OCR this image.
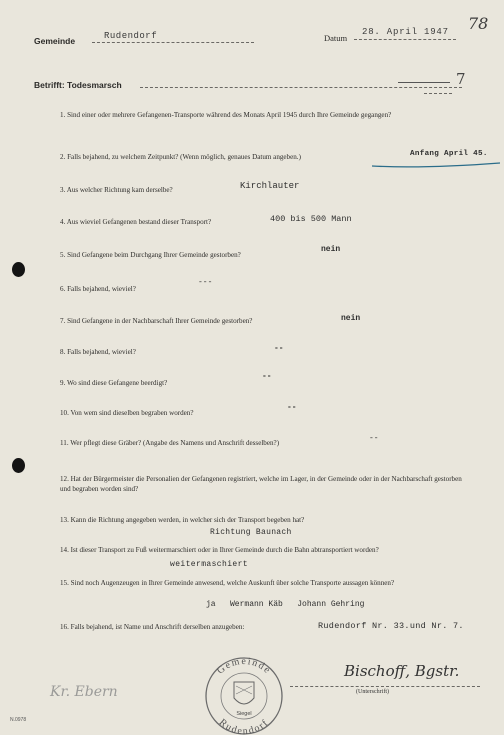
Gemeinde	Rudendorf	Datum
28. April 1947 78
Betrifft: Todesmarsch	7
1. Sind einer oder mehrere Gefangenen-Transporte während des Monats April 1945 durch Ihre Gemeinde gegangen?
2. Falls bejahend, zu welchem Zeitpunkt? (Wenn möglich, genaues Datum angeben.)	Anfang April 45.
3. Aus welcher Richtung kam derselbe?	Kirchlauter
4. Aus wieviel Gefangenen bestand dieser Transport?	400 bis 500 Mann
5. Sind Gefangene beim Durchgang Ihrer Gemeinde gestorben?
nein
6. Falls bejahend, wieviel?
---
7. Sind Gefangene in der Nachbarschaft Ihrer Gemeinde gestorben?	nein
8. Falls bejahend, wieviel?	--
9. Wo sind diese Gefangene beerdigt?
--
10. Von wem sind dieselben begraben worden?
--
11. Wer pflegt diese Gräber? (Angabe des Namens und Anschrift desselben?)	--
12. Hat der Bürgermeister die Personalien der Gefangenen registriert, welche im Lager, in der Gemeinde oder in der Nachbarschaft gestorben und begraben worden sind?
13. Kann die Richtung angegeben werden, in welcher sich der Transport begeben hat?
Richtung Baunach
14. Ist dieser Transport zu Fuß weitermarschiert oder in Ihrer Gemeinde durch die Bahn abtransportiert worden?
weitermaschiert
15. Sind noch Augenzeugen in Ihrer Gemeinde anwesend, welche Auskunft über solche Transporte aussagen können?
ja   Wermann Käb   Johann Gehring
16. Falls bejahend, ist Name und Anschrift derselben anzugeben:	Rudendorf Nr. 33.und Nr. 7.
Gemeinde
Rudendorf
Siegel
Bischoff, Bgstr.
(Unterschrift)
Kr. Ebern
N.0978
